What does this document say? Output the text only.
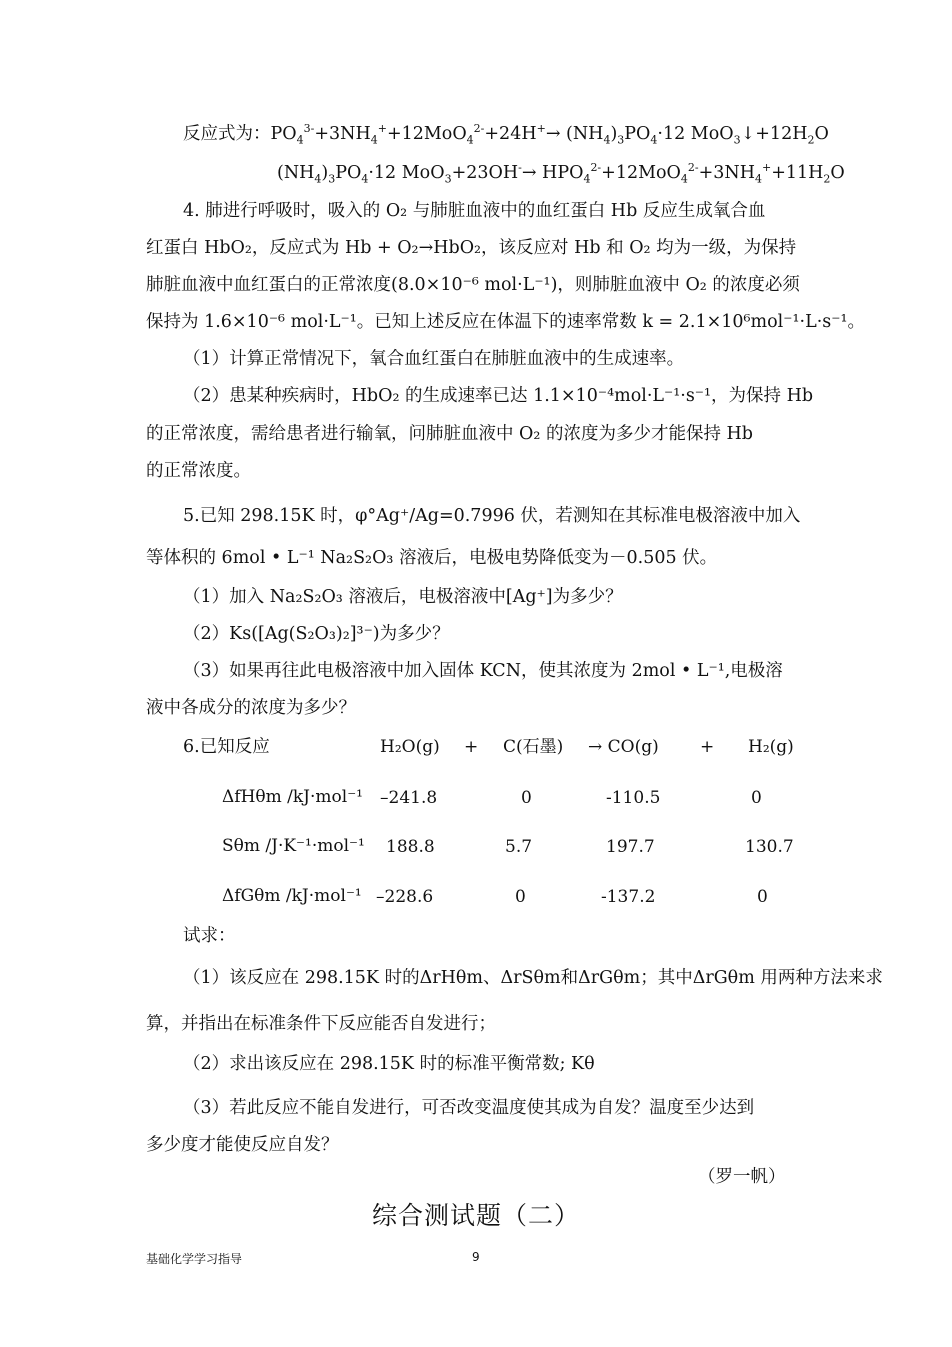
反应式为：$PO_4^{3-}+3NH_4^++12MoO_4^{2-}+24H^+\to (NH_4)_3PO_4\cdot 12$ $MoO_3↓+12H_2O$
$(NH_4)_3PO_4\cdot 12$ $MoO_3+23OH^-\to HPO_4^{2-}+12MoO_4^{2-}+3NH_4^++11H_2O$
4. 肺进行呼吸时，吸入的 O₂ 与肺脏血液中的血红蛋白 Hb 反应生成氧合血
红蛋白 HbO₂，反应式为 Hb + O₂→HbO₂，该反应对 Hb 和 O₂ 均为一级，为保持
肺脏血液中血红蛋白的正常浓度(8.0×10⁻⁶ mol·L⁻¹)，则肺脏血液中 O₂ 的浓度必须
保持为 1.6×10⁻⁶ mol·L⁻¹。已知上述反应在体温下的速率常数 k = 2.1×10⁶mol⁻¹·L·s⁻¹。
（1）计算正常情况下，氧合血红蛋白在肺脏血液中的生成速率。
（2）患某种疾病时，HbO₂ 的生成速率已达 1.1×10⁻⁴mol·L⁻¹·s⁻¹，为保持 Hb
的正常浓度，需给患者进行输氧，问肺脏血液中 O₂ 的浓度为多少才能保持 Hb
的正常浓度。
5.已知 298.15K 时，φ°Ag⁺/Ag=0.7996 伏，若测知在其标准电极溶液中加入
等体积的 6mol • L⁻¹ Na₂S₂O₃ 溶液后，电极电势降低变为－0.505 伏。
（1）加入 Na₂S₂O₃ 溶液后，电极溶液中[Ag⁺]为多少？
（2）Ks([Ag(S₂O₃)₂]³⁻)为多少？
（3）如果再往此电极溶液中加入固体 KCN，使其浓度为 2mol • L⁻¹,电极溶
液中各成分的浓度为多少？
6.已知反应	H₂O(g) + C(石墨) → CO(g) + H₂(g)
ΔfHθm /kJ·mol⁻¹ –241.8	0	-110.5	0
Sθm /J·K⁻¹·mol⁻¹ 188.8	5.7	197.7	130.7
ΔfGθm /kJ·mol⁻¹ –228.6	0	-137.2	0
试求：
（1）该反应在 298.15K 时的ΔrHθm、ΔrSθm和ΔrGθm；其中ΔrGθm 用两种方法来求
算，并指出在标准条件下反应能否自发进行；
（2）求出该反应在 298.15K 时的标准平衡常数; Kθ
（3）若此反应不能自发进行，可否改变温度使其成为自发？温度至少达到
多少度才能使反应自发？
（罗一帆）
综合测试题（二）
基础化学学习指导	9
